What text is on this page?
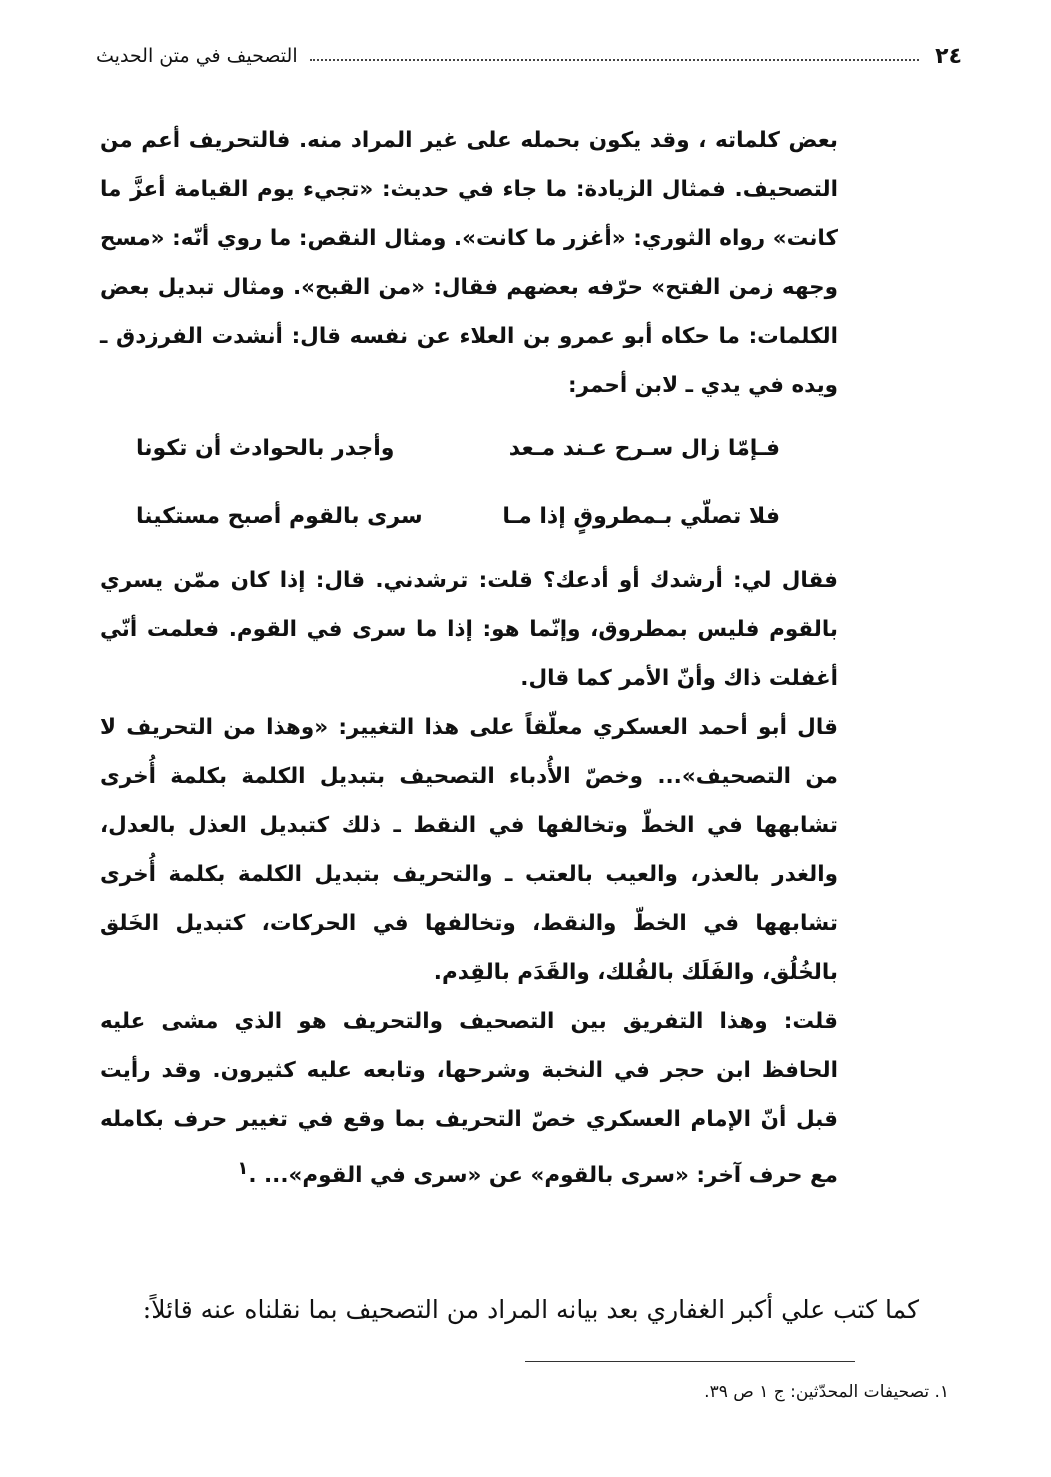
٢٤
التصحيف في متن الحديث

بعض كلماته ، وقد يكون بحمله على غير المراد منه. فالتحريف أعم من التصحيف. فمثال الزيادة: ما جاء في حديث: «تجيء يوم القيامة أعزَّ ما كانت» رواه الثوري: «أغزر ما كانت». ومثال النقص: ما روي أنّه: «مسح وجهه زمن الفتح» حرّفه بعضهم فقال: «من القبح». ومثال تبديل بعض الكلمات: ما حكاه أبو عمرو بن العلاء عن نفسه قال: أنشدت الفرزدق ـ ويده في يدي ـ لابن أحمر:

فـإمّا زال سـرح عـند مـعد
وأجدر بالحوادث أن تكونا
فلا تصلّي بـمطروقٍ إذا مـا
سرى بالقوم أصبح مستكينا

فقال لي: أرشدك أو أدعك؟ قلت: ترشدني. قال: إذا كان ممّن يسري بالقوم فليس بمطروق، وإنّما هو: إذا ما سرى في القوم. فعلمت أنّي أغفلت ذاك وأنّ الأمر كما قال.

قال أبو أحمد العسكري معلّقاً على هذا التغيير: «وهذا من التحريف لا من التصحيف»... وخصّ الأُدباء التصحيف بتبديل الكلمة بكلمة أُخرى تشابهها في الخطّ وتخالفها في النقط ـ ذلك كتبديل العذل بالعدل، والغدر بالعذر، والعيب بالعتب ـ والتحريف بتبديل الكلمة بكلمة أُخرى تشابهها في الخطّ والنقط، وتخالفها في الحركات، كتبديل الخَلق بالخُلُق، والفَلَك بالفُلك، والقَدَم بالقِدم.

قلت: وهذا التفريق بين التصحيف والتحريف هو الذي مشى عليه الحافظ ابن حجر في النخبة وشرحها، وتابعه عليه كثيرون. وقد رأيت قبل أنّ الإمام العسكري خصّ التحريف بما وقع في تغيير حرف بكامله مع حرف آخر: «سرى بالقوم» عن «سرى في القوم»... .$^١$

كما كتب علي أكبر الغفاري بعد بيانه المراد من التصحيف بما نقلناه عنه قائلاً:
١. تصحيفات المحدّثين: ج ١ ص ٣٩.
